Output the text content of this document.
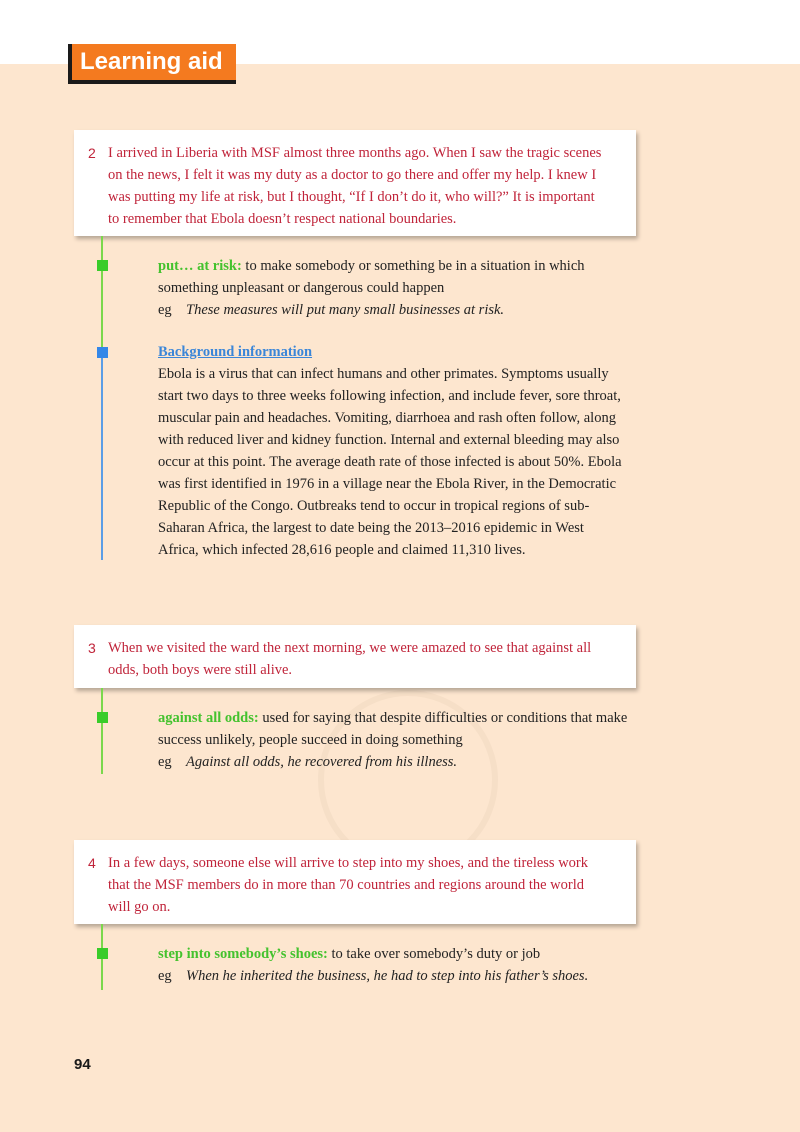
Learning aid
2 I arrived in Liberia with MSF almost three months ago. When I saw the tragic scenes
on the news, I felt it was my duty as a doctor to go there and offer my help. I knew I
was putting my life at risk, but I thought, “If I don’t do it, who will?” It is important
to remember that Ebola doesn’t respect national boundaries.
put… at risk: to make somebody or something be in a situation in which
something unpleasant or dangerous could happen
eg These measures will put many small businesses at risk.
Background information
Ebola is a virus that can infect humans and other primates. Symptoms usually
start two days to three weeks following infection, and include fever, sore throat,
muscular pain and headaches. Vomiting, diarrhoea and rash often follow, along
with reduced liver and kidney function. Internal and external bleeding may also
occur at this point. The average death rate of those infected is about 50%. Ebola
was first identified in 1976 in a village near the Ebola River, in the Democratic
Republic of the Congo. Outbreaks tend to occur in tropical regions of sub-
Saharan Africa, the largest to date being the 2013–2016 epidemic in West
Africa, which infected 28,616 people and claimed 11,310 lives.
3 When we visited the ward the next morning, we were amazed to see that against all
odds, both boys were still alive.
against all odds: used for saying that despite difficulties or conditions that make
success unlikely, people succeed in doing something
eg Against all odds, he recovered from his illness.
4 In a few days, someone else will arrive to step into my shoes, and the tireless work
that the MSF members do in more than 70 countries and regions around the world
will go on.
step into somebody’s shoes: to take over somebody’s duty or job
eg When he inherited the business, he had to step into his father’s shoes.
94
